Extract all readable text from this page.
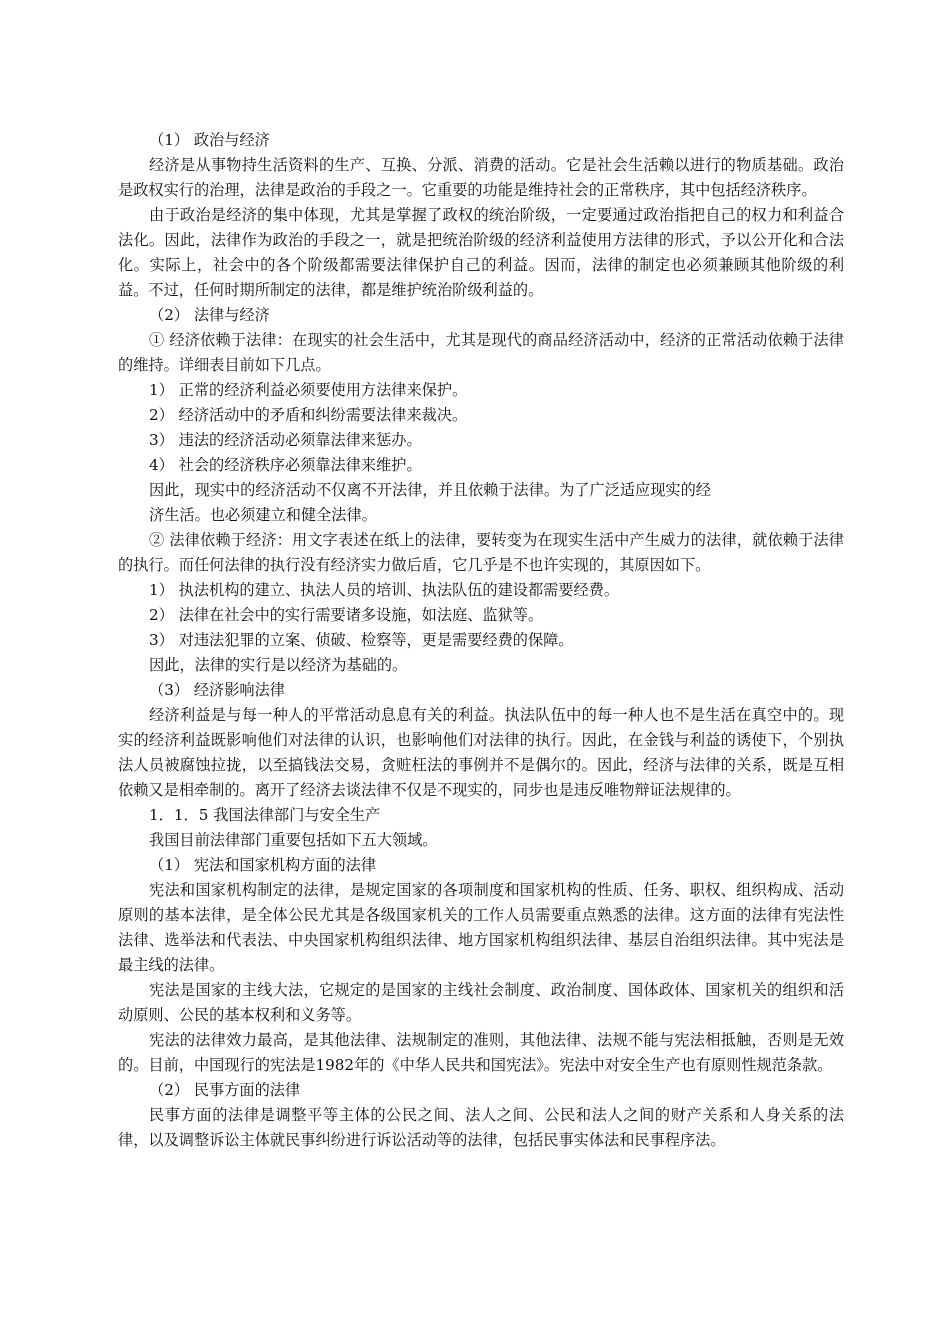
（1） 政治与经济

经济是从事物持生活资料的生产、互换、分派、消费的活动。它是社会生活赖以进行的物质基础。政治是政权实行的治理，法律是政治的手段之一。它重要的功能是维持社会的正常秩序，其中包括经济秩序。

由于政治是经济的集中体现，尤其是掌握了政权的统治阶级，一定要通过政治指把自己的权力和利益合法化。因此，法律作为政治的手段之一，就是把统治阶级的经济利益使用方法律的形式，予以公开化和合法化。实际上，社会中的各个阶级都需要法律保护自己的利益。因而，法律的制定也必须兼顾其他阶级的利益。不过，任何时期所制定的法律，都是维护统治阶级利益的。

（2） 法律与经济

① 经济依赖于法律：在现实的社会生活中，尤其是现代的商品经济活动中，经济的正常活动依赖于法律的维持。详细表目前如下几点。

1） 正常的经济利益必须要使用方法律来保护。

2） 经济活动中的矛盾和纠纷需要法律来裁决。

3） 违法的经济活动必须靠法律来惩办。

4） 社会的经济秩序必须靠法律来维护。

因此，现实中的经济活动不仅离不开法律，并且依赖于法律。为了广泛适应现实的经

济生活。也必须建立和健全法律。

② 法律依赖于经济：用文字表述在纸上的法律，要转变为在现实生活中产生威力的法律，就依赖于法律的执行。而任何法律的执行没有经济实力做后盾，它几乎是不也许实现的，其原因如下。

1） 执法机构的建立、执法人员的培训、执法队伍的建设都需要经费。

2） 法律在社会中的实行需要诸多设施，如法庭、监狱等。

3） 对违法犯罪的立案、侦破、检察等，更是需要经费的保障。

因此，法律的实行是以经济为基础的。

（3） 经济影响法律

经济利益是与每一种人的平常活动息息有关的利益。执法队伍中的每一种人也不是生活在真空中的。现实的经济利益既影响他们对法律的认识，也影响他们对法律的执行。因此，在金钱与利益的诱使下，个别执法人员被腐蚀拉拢，以至搞钱法交易，贪赃枉法的事例并不是偶尔的。因此，经济与法律的关系，既是互相依赖又是相牵制的。离开了经济去谈法律不仅是不现实的，同步也是违反唯物辩证法规律的。

1．1．5 我国法律部门与安全生产

我国目前法律部门重要包括如下五大领域。

（1） 宪法和国家机构方面的法律

宪法和国家机构制定的法律，是规定国家的各项制度和国家机构的性质、任务、职权、组织构成、活动原则的基本法律，是全体公民尤其是各级国家机关的工作人员需要重点熟悉的法律。这方面的法律有宪法性法律、选举法和代表法、中央国家机构组织法律、地方国家机构组织法律、基层自治组织法律。其中宪法是最主线的法律。

宪法是国家的主线大法，它规定的是国家的主线社会制度、政治制度、国体政体、国家机关的组织和活动原则、公民的基本权利和义务等。

宪法的法律效力最高，是其他法律、法规制定的准则，其他法律、法规不能与宪法相抵触，否则是无效的。目前，中国现行的宪法是1982年的《中华人民共和国宪法》。宪法中对安全生产也有原则性规范条款。

（2） 民事方面的法律

民事方面的法律是调整平等主体的公民之间、法人之间、公民和法人之间的财产关系和人身关系的法律，以及调整诉讼主体就民事纠纷进行诉讼活动等的法律，包括民事实体法和民事程序法。
